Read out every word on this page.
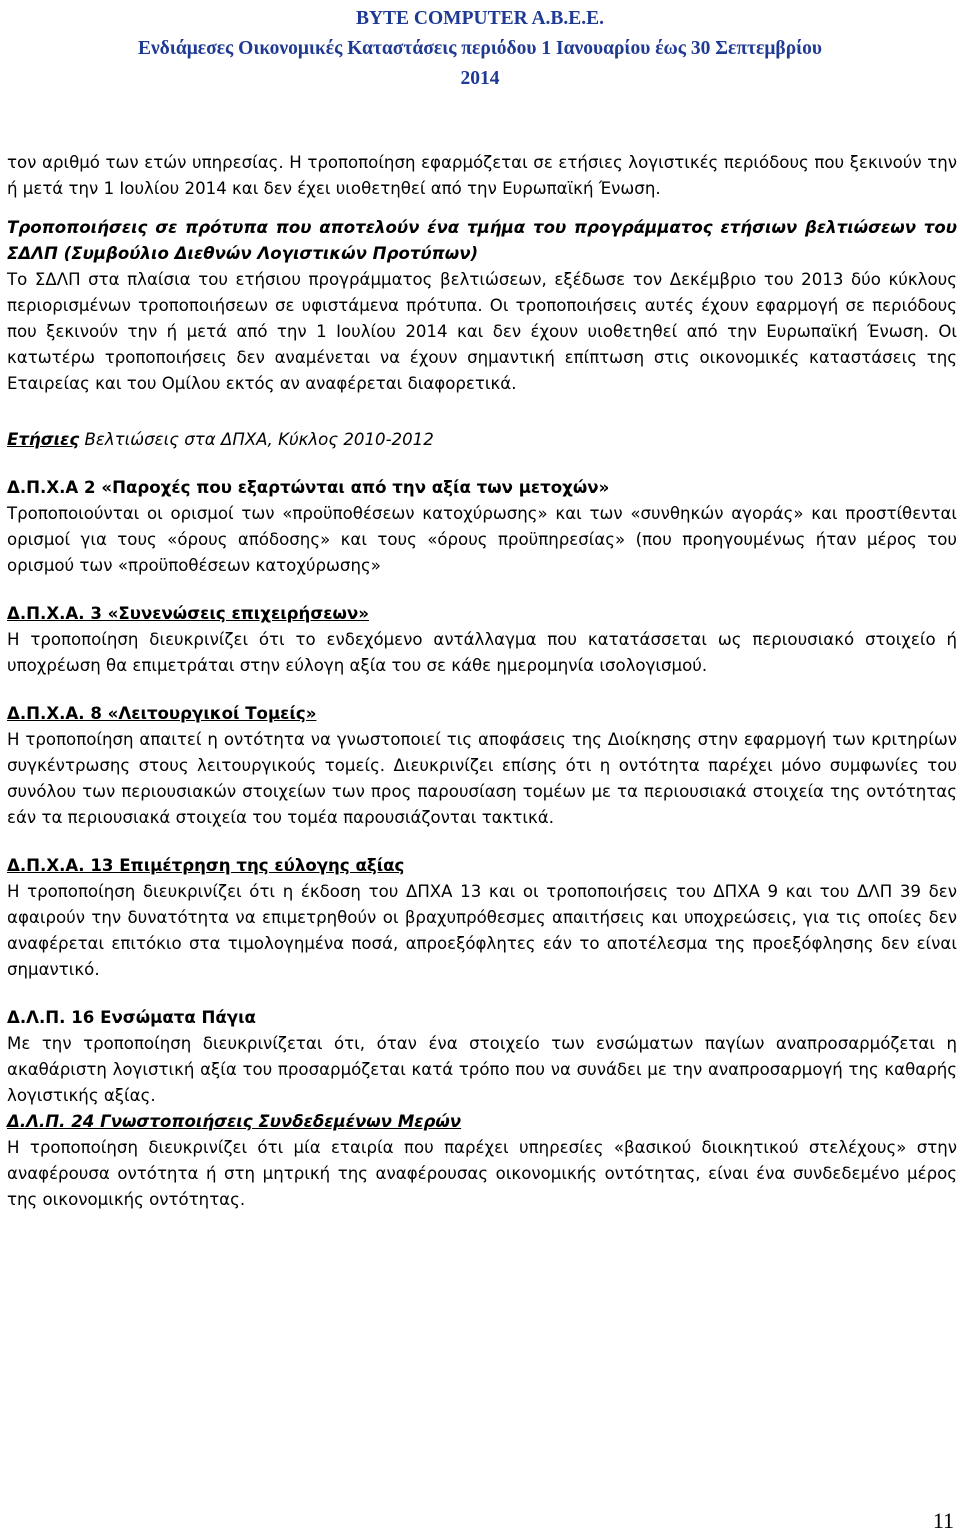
BYTE COMPUTER A.B.E.E.
Ενδιάμεσες Οικονομικές Καταστάσεις περιόδου 1 Ιανουαρίου έως 30 Σεπτεμβρίου
2014

τον αριθμό των ετών υπηρεσίας. Η τροποποίηση εφαρμόζεται σε ετήσιες λογιστικές περιόδους που ξεκινούν την ή μετά την 1 Ιουλίου 2014 και δεν έχει υιοθετηθεί από την Ευρωπαϊκή Ένωση.

Τροποποιήσεις σε πρότυπα που αποτελούν ένα τμήμα του προγράμματος ετήσιων βελτιώσεων του ΣΔΛΠ (Συμβούλιο Διεθνών Λογιστικών Προτύπων)

Το ΣΔΛΠ στα πλαίσια του ετήσιου προγράμματος βελτιώσεων, εξέδωσε τον Δεκέμβριο του 2013 δύο κύκλους περιορισμένων τροποποιήσεων σε υφιστάμενα πρότυπα. Οι τροποποιήσεις αυτές έχουν εφαρμογή σε περιόδους που ξεκινούν την ή μετά από την 1 Ιουλίου 2014 και δεν έχουν υιοθετηθεί από την Ευρωπαϊκή Ένωση. Οι κατωτέρω τροποποιήσεις δεν αναμένεται να έχουν σημαντική επίπτωση στις οικονομικές καταστάσεις της Εταιρείας και του Ομίλου εκτός αν αναφέρεται διαφορετικά.

Ετήσιες Βελτιώσεις στα ΔΠΧΑ, Κύκλος 2010-2012

Δ.Π.Χ.Α 2 «Παροχές που εξαρτώνται από την αξία των μετοχών»

Τροποποιούνται οι ορισμοί των «προϋποθέσεων κατοχύρωσης» και των «συνθηκών αγοράς» και προστίθενται ορισμοί για τους «όρους απόδοσης» και τους «όρους προϋπηρεσίας» (που προηγουμένως ήταν μέρος του ορισμού των «προϋποθέσεων κατοχύρωσης»

Δ.Π.Χ.Α. 3 «Συνενώσεις επιχειρήσεων»

Η τροποποίηση διευκρινίζει ότι το ενδεχόμενο αντάλλαγμα που κατατάσσεται ως περιουσιακό στοιχείο ή υποχρέωση θα επιμετράται στην εύλογη αξία του σε κάθε ημερομηνία ισολογισμού.

Δ.Π.Χ.Α. 8 «Λειτουργικοί Τομείς»

Η τροποποίηση απαιτεί η οντότητα να γνωστοποιεί τις αποφάσεις της Διοίκησης στην εφαρμογή των κριτηρίων συγκέντρωσης στους λειτουργικούς τομείς. Διευκρινίζει επίσης ότι η οντότητα παρέχει μόνο συμφωνίες του συνόλου των περιουσιακών στοιχείων των προς παρουσίαση τομέων με τα περιουσιακά στοιχεία της οντότητας εάν τα περιουσιακά στοιχεία του τομέα παρουσιάζονται τακτικά.

Δ.Π.Χ.Α. 13 Επιμέτρηση της εύλογης αξίας

Η τροποποίηση διευκρινίζει ότι η έκδοση του ΔΠΧΑ 13 και οι τροποποιήσεις του ΔΠΧΑ 9 και του ΔΛΠ 39 δεν αφαιρούν την δυνατότητα να επιμετρηθούν οι βραχυπρόθεσμες απαιτήσεις και υποχρεώσεις, για τις οποίες δεν αναφέρεται επιτόκιο στα τιμολογημένα ποσά, απροεξόφλητες εάν το αποτέλεσμα της προεξόφλησης δεν είναι σημαντικό.

Δ.Λ.Π. 16 Ενσώματα Πάγια

Με την τροποποίηση διευκρινίζεται ότι, όταν ένα στοιχείο των ενσώματων παγίων αναπροσαρμόζεται η ακαθάριστη λογιστική αξία του προσαρμόζεται κατά τρόπο που να συνάδει με την αναπροσαρμογή της καθαρής λογιστικής αξίας.

Δ.Λ.Π. 24 Γνωστοποιήσεις Συνδεδεμένων Μερών

Η τροποποίηση διευκρινίζει ότι μία εταιρία που παρέχει υπηρεσίες «βασικού διοικητικού στελέχους» στην αναφέρουσα οντότητα ή στη μητρική της αναφέρουσας οικονομικής οντότητας, είναι ένα συνδεδεμένο μέρος της οικονομικής οντότητας.

11
